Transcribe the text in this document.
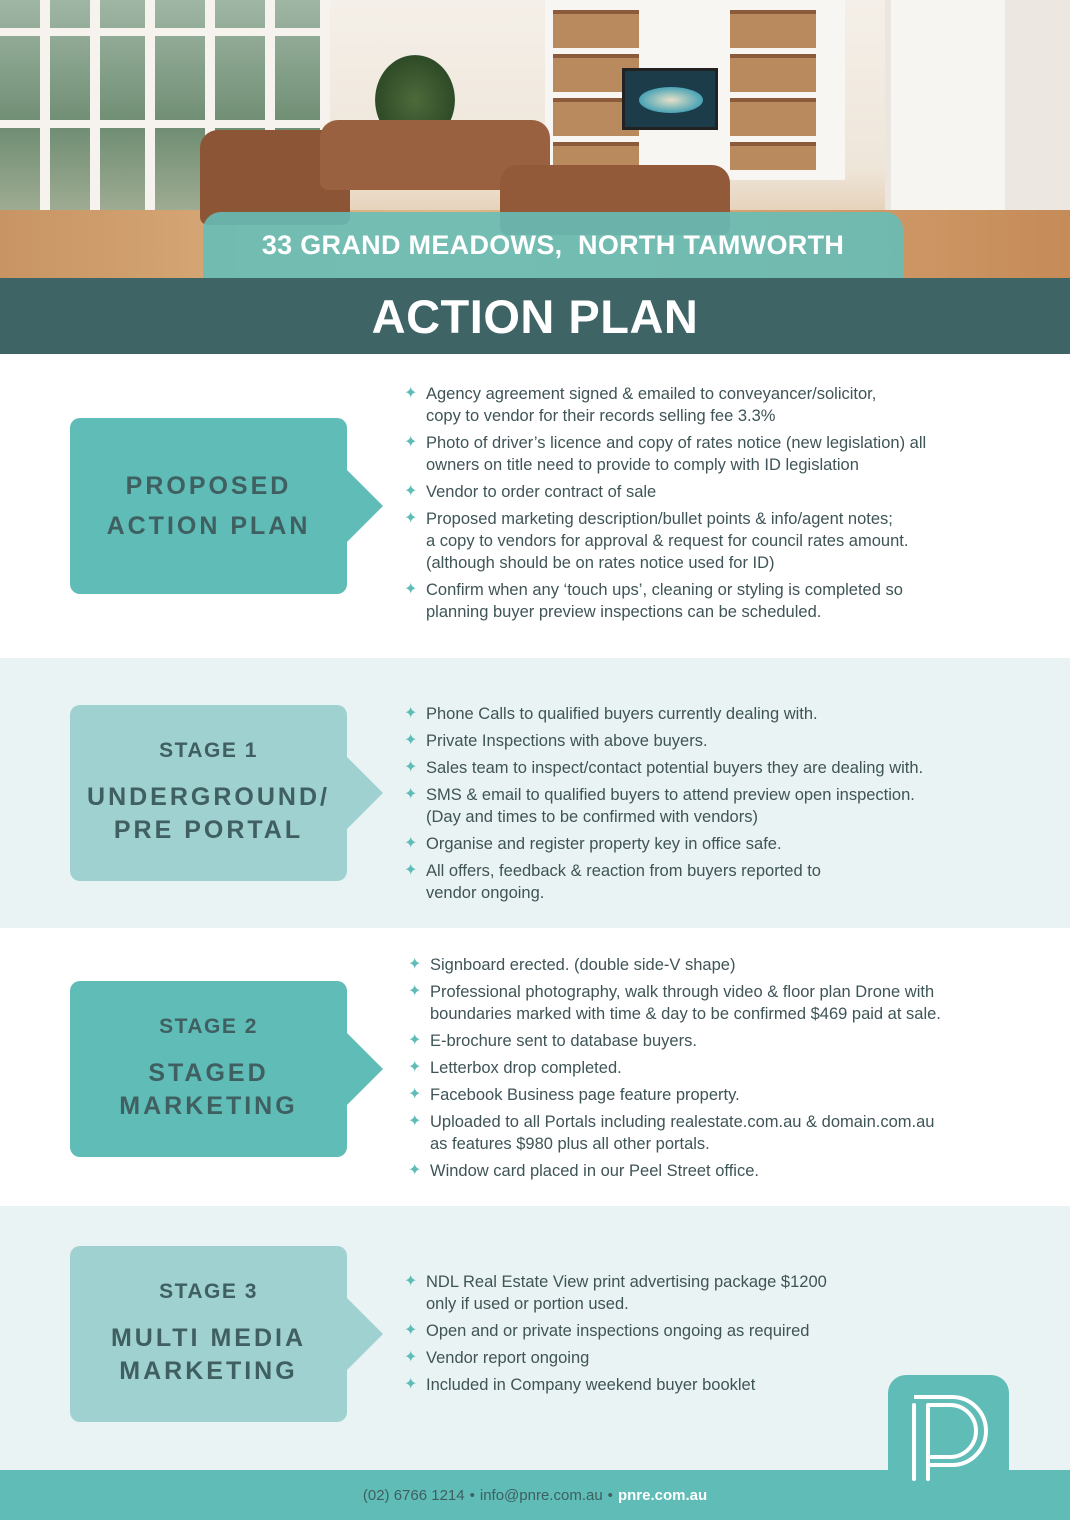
33 GRAND MEADOWS,  NORTH TAMWORTH
ACTION PLAN
PROPOSED
ACTION PLAN
✦ Agency agreement signed & emailed to conveyancer/solicitor,
copy to vendor for their records selling fee 3.3%
✦ Photo of driver’s licence and copy of rates notice (new legislation) all
owners on title need to provide to comply with ID legislation
✦ Vendor to order contract of sale
✦ Proposed marketing description/bullet points & info/agent notes;
a copy to vendors for approval & request for council rates amount.
(although should be on rates notice used for ID)
✦ Confirm when any ‘touch ups’, cleaning or styling is completed so
planning buyer preview inspections can be scheduled.
STAGE 1
UNDERGROUND/
PRE PORTAL
✦ Phone Calls to qualified buyers currently dealing with.
✦ Private Inspections with above buyers.
✦ Sales team to inspect/contact potential buyers they are dealing with.
✦ SMS & email to qualified buyers to attend preview open inspection.
(Day and times to be confirmed with vendors)
✦ Organise and register property key in office safe.
✦ All offers, feedback & reaction from buyers reported to
vendor ongoing.
STAGE 2
STAGED
MARKETING
✦ Signboard erected. (double side-V shape)
✦ Professional photography, walk through video & floor plan Drone with
boundaries marked with time & day to be confirmed $469 paid at sale.
✦ E-brochure sent to database buyers.
✦ Letterbox drop completed.
✦ Facebook Business page feature property.
✦ Uploaded to all Portals including realestate.com.au & domain.com.au
as features $980 plus all other portals.
✦ Window card placed in our Peel Street office.
STAGE 3
MULTI MEDIA
MARKETING
✦ NDL Real Estate View print advertising package $1200
only if used or portion used.
✦ Open and or private inspections ongoing as required
✦ Vendor report ongoing
✦ Included in Company weekend buyer booklet
(02) 6766 1214 • info@pnre.com.au • pnre.com.au
